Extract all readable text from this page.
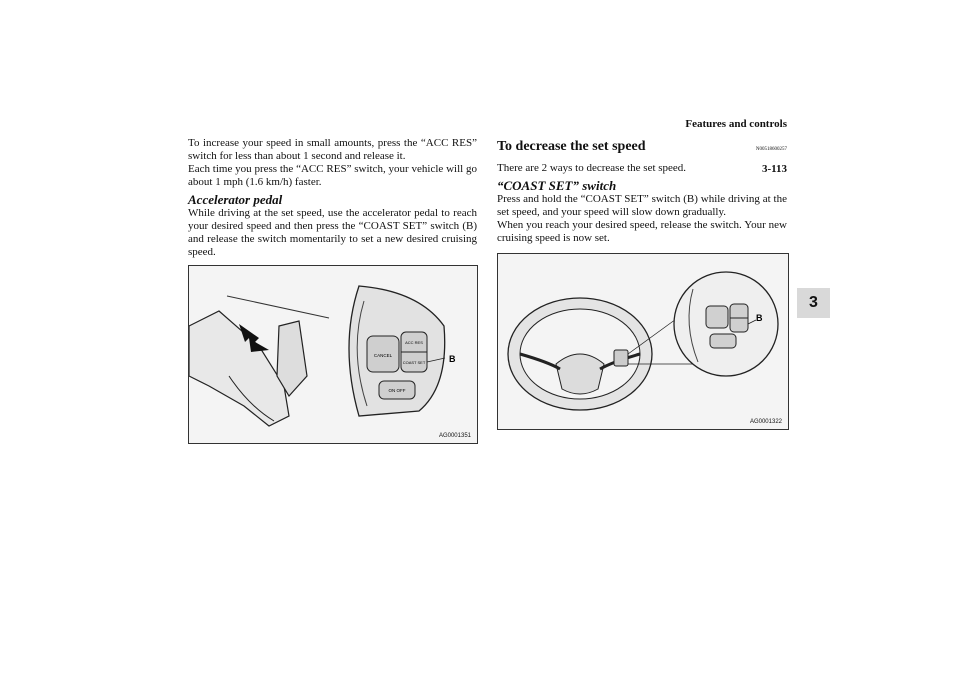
Features and controls
3-113
3

To increase your speed in small amounts, press the “ACC RES” switch for less than about 1 second and release it.

Each time you press the “ACC RES” switch, your vehicle will go about 1 mph (1.6 km/h) faster.

Accelerator pedal

While driving at the set speed, use the accelerator pedal to reach your desired speed and then press the “COAST SET” switch (B) and release the switch momentarily to set a new desired cruising speed.

To decrease the set speed	N00518600257

There are 2 ways to decrease the set speed.

“COAST SET” switch

Press and hold the “COAST SET” switch (B) while driving at the set speed, and your speed will slow down gradually.

When you reach your desired speed, release the switch. Your new cruising speed is now set.

CANCEL
ACC RES
COAST SET
ON OFF
B
AG0001351
B
AG0001322
